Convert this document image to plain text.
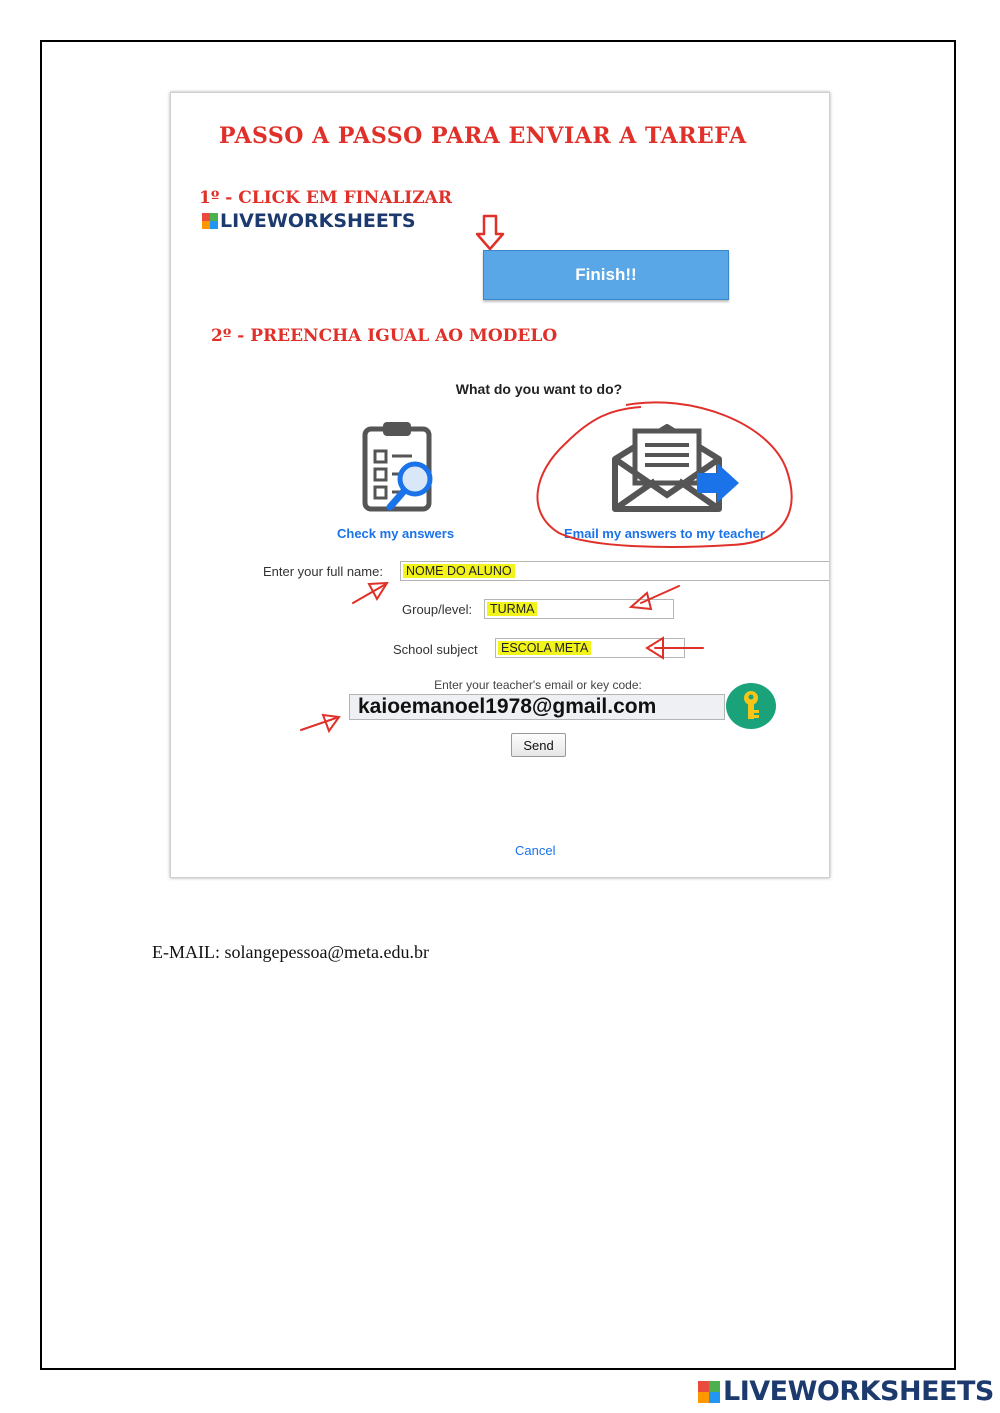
PASSO A PASSO PARA ENVIAR A TAREFA
1º - CLICK EM FINALIZAR
LIVEWORKSHEETS
Finish!!
2º - PREENCHA IGUAL AO MODELO
What do you want to do?
Check my answers	Email my answers to my teacher
Enter your full name:	NOME DO ALUNO
Group/level:	TURMA
School subject	ESCOLA META
Enter your teacher's email or key code:
kaioemanoel1978@gmail.com
Send
Cancel
E-MAIL: solangepessoa@meta.edu.br
LIVEWORKSHEETS
